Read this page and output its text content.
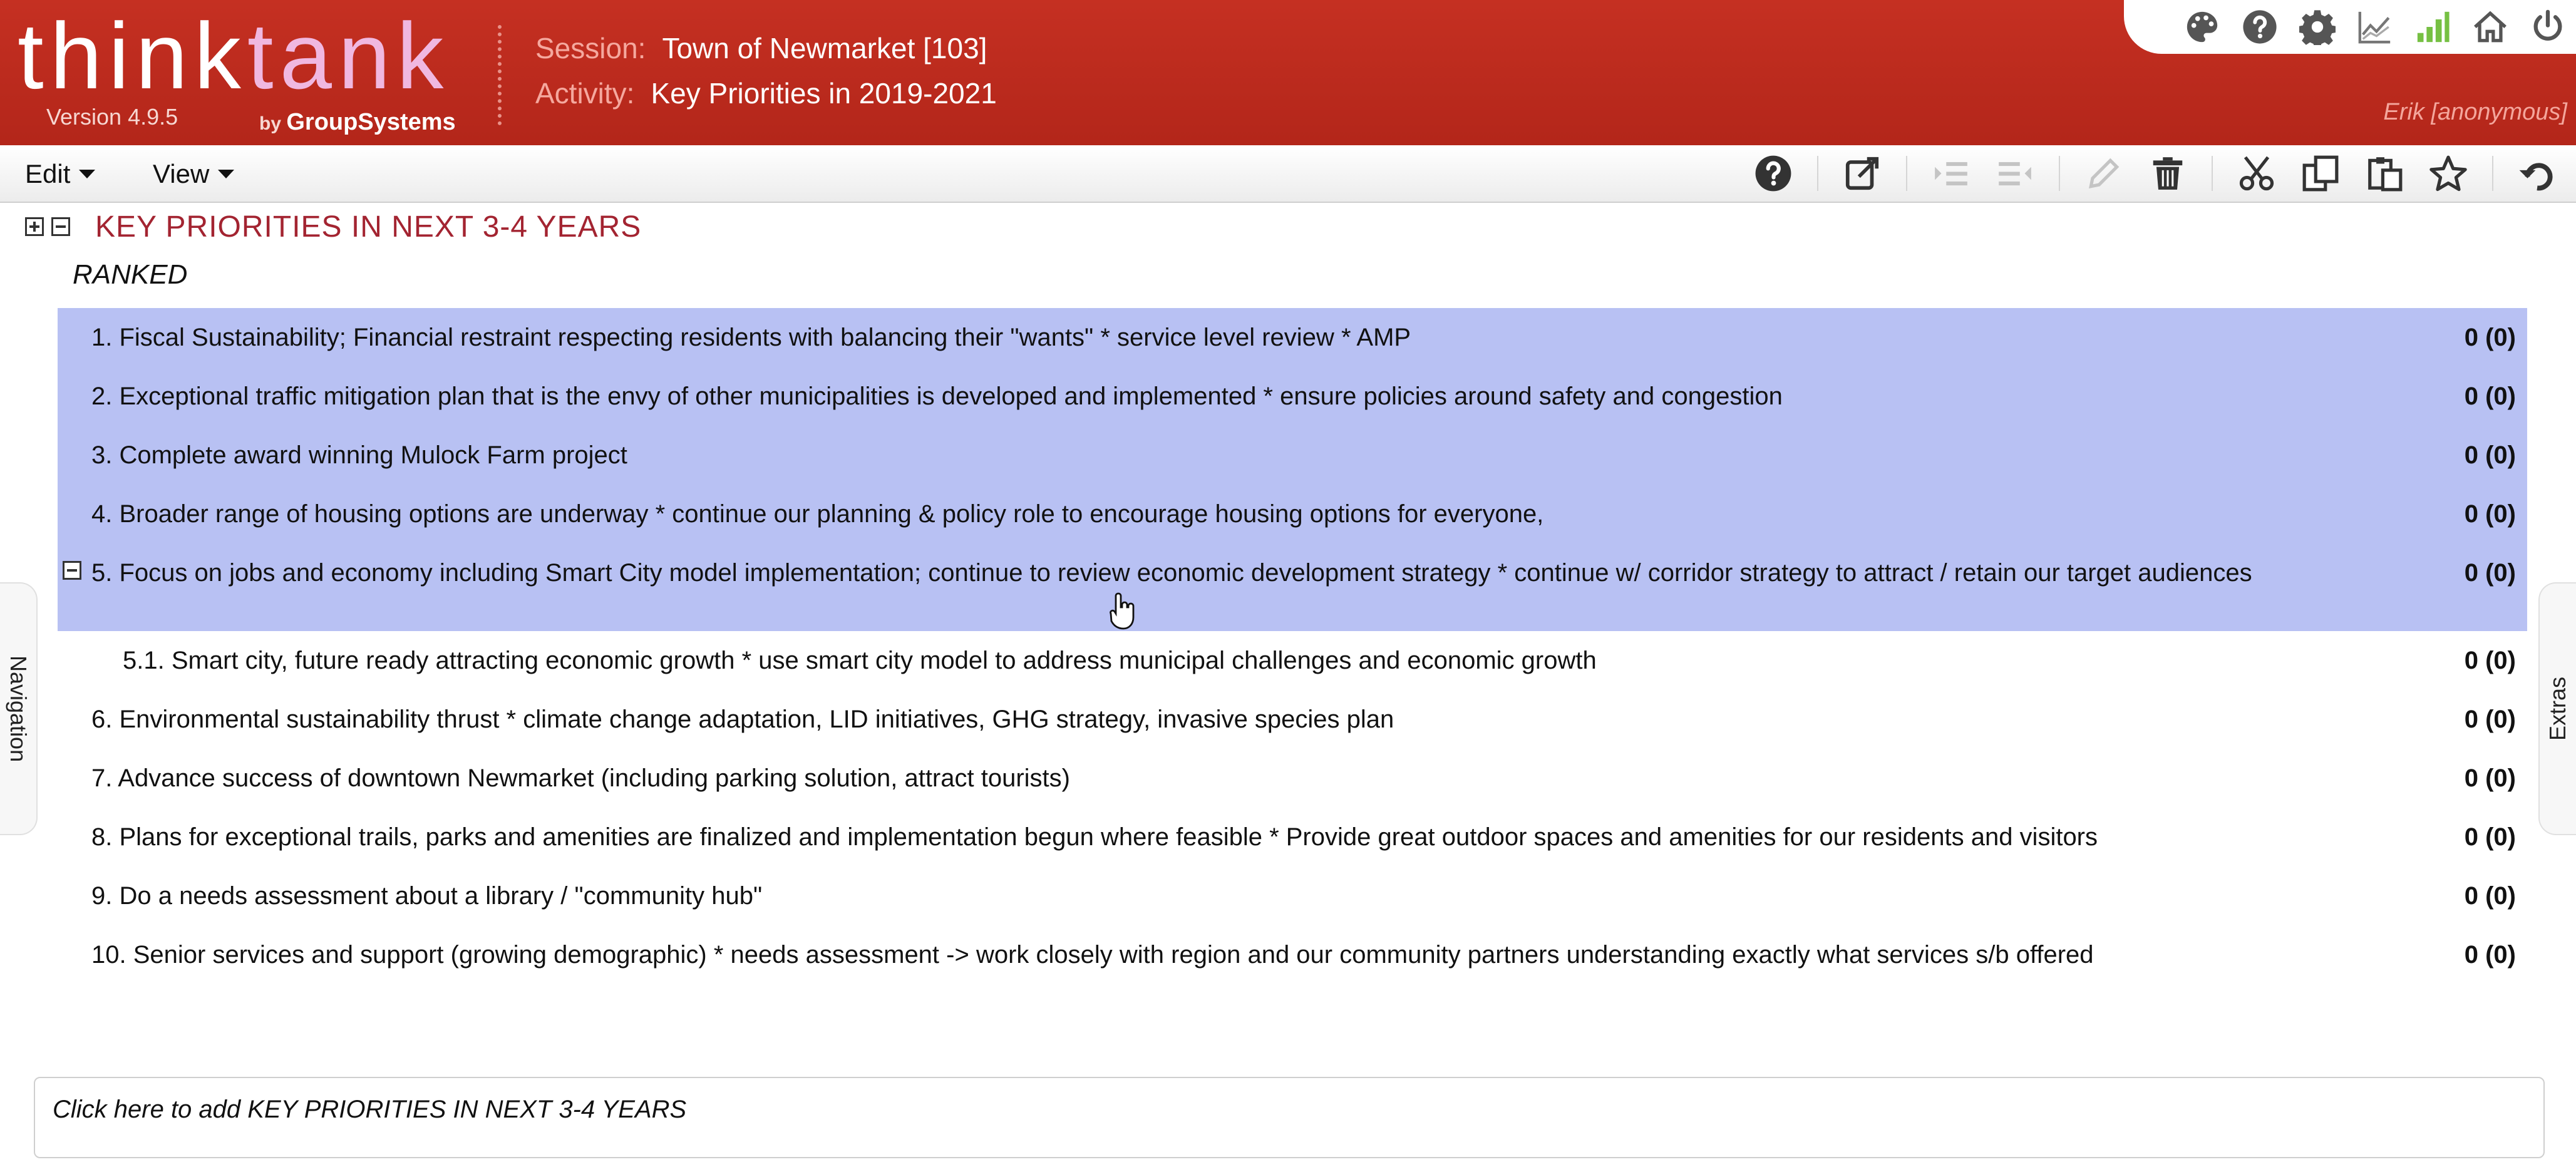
thinktank
Version 4.9.5	by GroupSystems
Session: Town of Newmarket [103]
Activity: Key Priorities in 2019-2021
Erik [anonymous]
Edit	View
Navigation	Extras
KEY PRIORITIES IN NEXT 3-4 YEARS
RANKED
1. Fiscal Sustainability; Financial restraint respecting residents with balancing their "wants" * service level review * AMP	0 (0)
2. Exceptional traffic mitigation plan that is the envy of other municipalities is developed and implemented * ensure policies around safety and congestion	0 (0)
3. Complete award winning Mulock Farm project	0 (0)
4. Broader range of housing options are underway * continue our planning & policy role to encourage housing options for everyone,	0 (0)
5. Focus on jobs and economy including Smart City model implementation; continue to review economic development strategy * continue w/ corridor strategy to attract / retain our target audiences	0 (0)
5.1. Smart city, future ready attracting economic growth * use smart city model to address municipal challenges and economic growth	0 (0)
6. Environmental sustainability thrust * climate change adaptation, LID initiatives, GHG strategy, invasive species plan	0 (0)
7. Advance success of downtown Newmarket (including parking solution, attract tourists)	0 (0)
8. Plans for exceptional trails, parks and amenities are finalized and implementation begun where feasible * Provide great outdoor spaces and amenities for our residents and visitors	0 (0)
9. Do a needs assessment about a library / "community hub"	0 (0)
10. Senior services and support (growing demographic) * needs assessment -> work closely with region and our community partners understanding exactly what services s/b offered	0 (0)
Click here to add KEY PRIORITIES IN NEXT 3-4 YEARS
